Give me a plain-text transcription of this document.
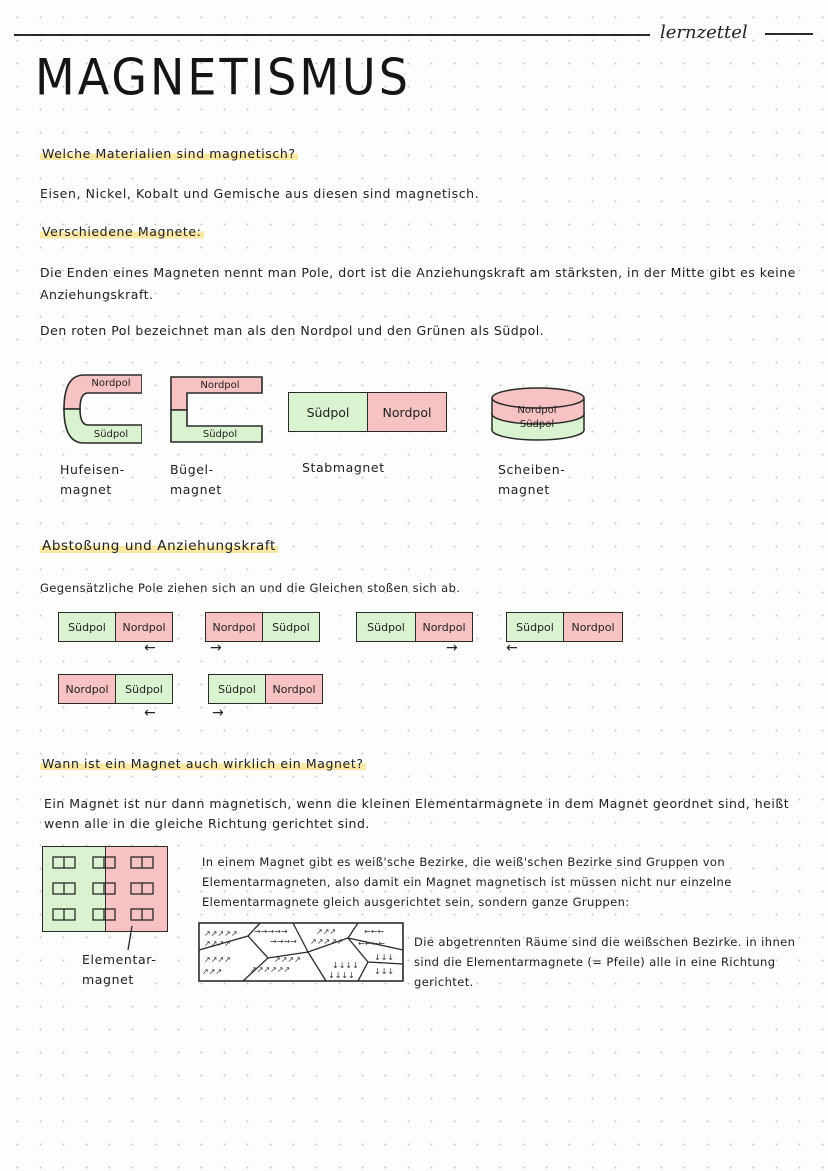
lernzettel
MAGNETISMUS
Welche Materialien sind magnetisch?
Eisen, Nickel, Kobalt und Gemische aus diesen sind magnetisch.
Verschiedene Magnete:
Die Enden eines Magneten nennt man Pole, dort ist die Anziehungskraft am stärksten, in der Mitte gibt es keine Anziehungskraft.
Den roten Pol bezeichnet man als den Nordpol und den Grünen als Südpol.
Nordpol
Südpol
Nordpol
Südpol
Südpol	Nordpol	Nordpol
Südpol
Hufeisen-magnet
Bügel-magnet
Stabmagnet	Scheiben-magnet
Abstoßung und Anziehungskraft
Gegensätzliche Pole ziehen sich an und die Gleichen stoßen sich ab.
Südpol	Nordpol
←
Nordpol	Südpol
→
Südpol	Nordpol
→
Südpol	Nordpol
←
Nordpol	Südpol
←
Südpol	Nordpol
→
Wann ist ein Magnet auch wirklich ein Magnet?
Ein Magnet ist nur dann magnetisch, wenn die kleinen Elementarmagnete in dem Magnet geordnet sind, heißt wenn alle in die gleiche Richtung gerichtet sind.
Elementar-magnet
In einem Magnet gibt es weiß'sche Bezirke, die weiß'schen Bezirke sind Gruppen von Elementarmagneten, also damit ein Magnet magnetisch ist müssen nicht nur einzelne Elementarmagnete gleich ausgerichtet sein, sondern ganze Gruppen:
↗↗↗↗↗
↗↗↗↗
↗↗↗↗
↗↗↗
→→→→→
→→→→
↗↗↗↗↗↗
↗↗↗↗
↗↗↗
↗↗↗↗↗
↓↓↓↓
↓↓↓↓
←←←
←←←←
↓↓↓
↓↓↓
Die abgetrennten Räume sind die weißschen Bezirke. in ihnen sind die Elementarmagnete (= Pfeile) alle in eine Richtung gerichtet.
